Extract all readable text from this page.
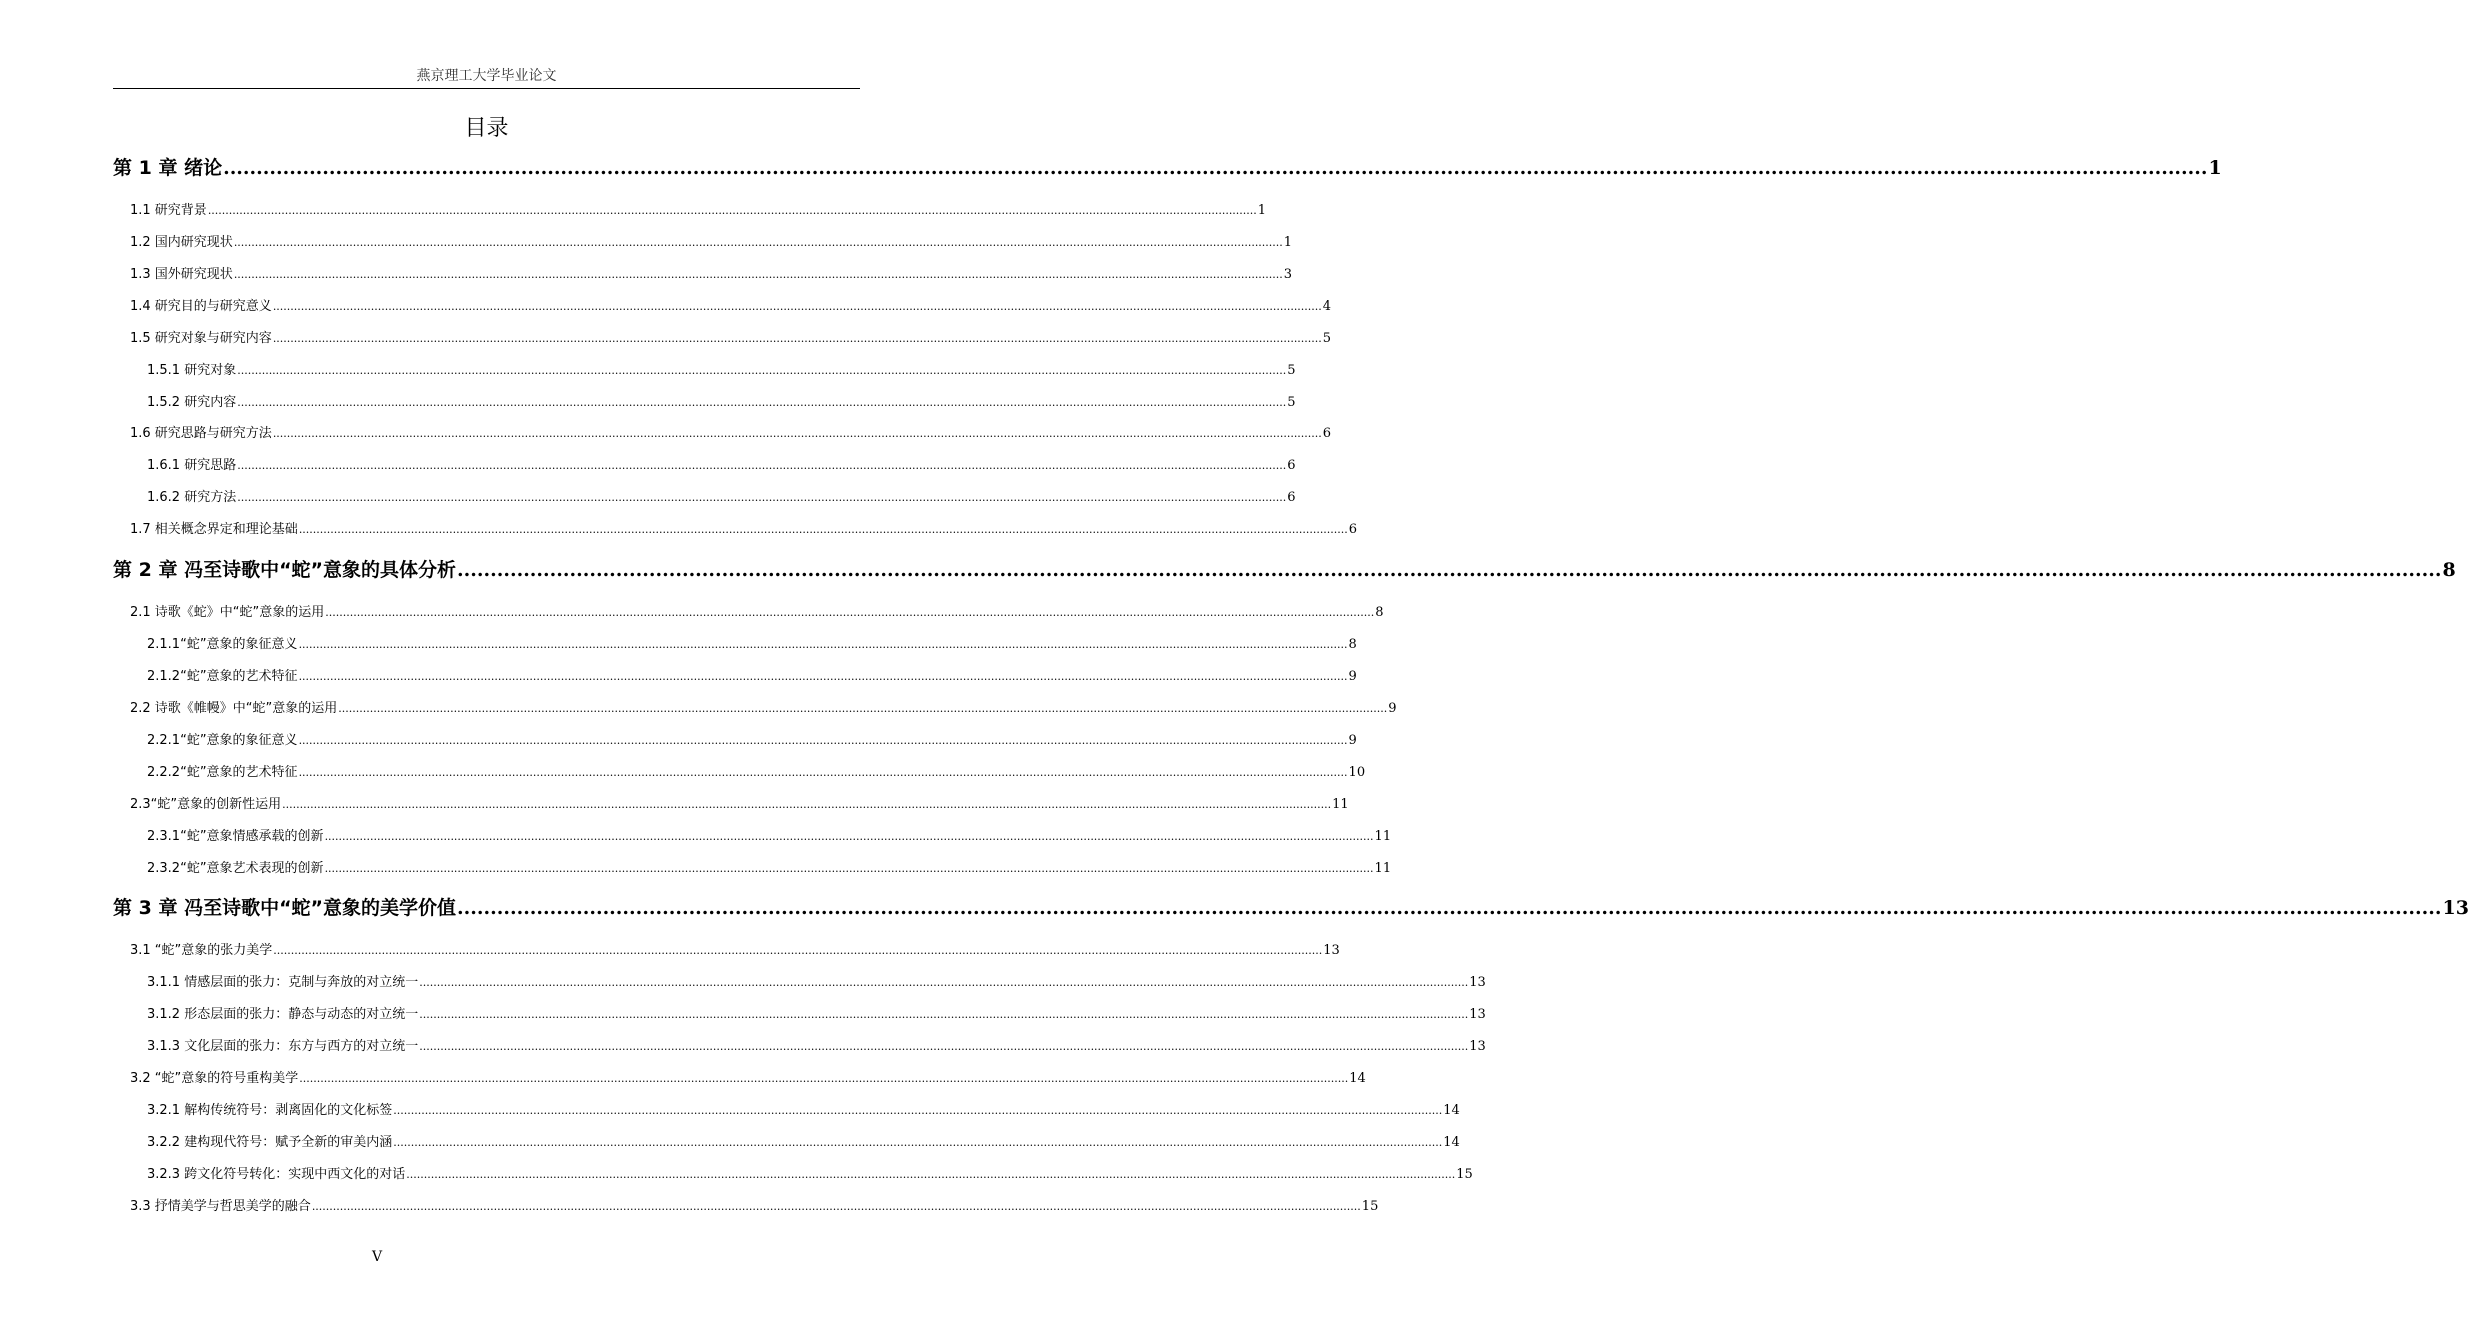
燕京理工大学毕业论文
目录
第 1 章 绪论 ............................................................................................................................................................................................................................................................................................................ 1
1.1 研究背景 ............................................................................................................................................................................................................................................................................................................ 1
1.2 国内研究现状 ............................................................................................................................................................................................................................................................................................................ 1
1.3 国外研究现状 ............................................................................................................................................................................................................................................................................................................ 3
1.4 研究目的与研究意义 ............................................................................................................................................................................................................................................................................................................ 4
1.5 研究对象与研究内容 ............................................................................................................................................................................................................................................................................................................ 5
1.5.1 研究对象 ............................................................................................................................................................................................................................................................................................................ 5
1.5.2 研究内容 ............................................................................................................................................................................................................................................................................................................ 5
1.6 研究思路与研究方法 ............................................................................................................................................................................................................................................................................................................ 6
1.6.1 研究思路 ............................................................................................................................................................................................................................................................................................................ 6
1.6.2 研究方法 ............................................................................................................................................................................................................................................................................................................ 6
1.7 相关概念界定和理论基础 ............................................................................................................................................................................................................................................................................................................ 6
第 2 章 冯至诗歌中“蛇”意象的具体分析 ............................................................................................................................................................................................................................................................................................................ 8
2.1 诗歌《蛇》中“蛇”意象的运用 ............................................................................................................................................................................................................................................................................................................ 8
2.1.1“蛇”意象的象征意义 ............................................................................................................................................................................................................................................................................................................ 8
2.1.2“蛇”意象的艺术特征 ............................................................................................................................................................................................................................................................................................................ 9
2.2 诗歌《帷幔》中“蛇”意象的运用 ............................................................................................................................................................................................................................................................................................................ 9
2.2.1“蛇”意象的象征意义 ............................................................................................................................................................................................................................................................................................................ 9
2.2.2“蛇”意象的艺术特征 ............................................................................................................................................................................................................................................................................................................ 10
2.3“蛇”意象的创新性运用 ............................................................................................................................................................................................................................................................................................................ 11
2.3.1“蛇”意象情感承载的创新 ............................................................................................................................................................................................................................................................................................................ 11
2.3.2“蛇”意象艺术表现的创新 ............................................................................................................................................................................................................................................................................................................ 11
第 3 章 冯至诗歌中“蛇”意象的美学价值 ............................................................................................................................................................................................................................................................................................................ 13
3.1 “蛇”意象的张力美学 ............................................................................................................................................................................................................................................................................................................ 13
3.1.1 情感层面的张力：克制与奔放的对立统一 ............................................................................................................................................................................................................................................................................................................ 13
3.1.2 形态层面的张力：静态与动态的对立统一 ............................................................................................................................................................................................................................................................................................................ 13
3.1.3 文化层面的张力：东方与西方的对立统一 ............................................................................................................................................................................................................................................................................................................ 13
3.2 “蛇”意象的符号重构美学 ............................................................................................................................................................................................................................................................................................................ 14
3.2.1 解构传统符号：剥离固化的文化标签 ............................................................................................................................................................................................................................................................................................................ 14
3.2.2 建构现代符号：赋予全新的审美内涵 ............................................................................................................................................................................................................................................................................................................ 14
3.2.3 跨文化符号转化：实现中西文化的对话 ............................................................................................................................................................................................................................................................................................................ 15
3.3 抒情美学与哲思美学的融合 ............................................................................................................................................................................................................................................................................................................ 15
V
